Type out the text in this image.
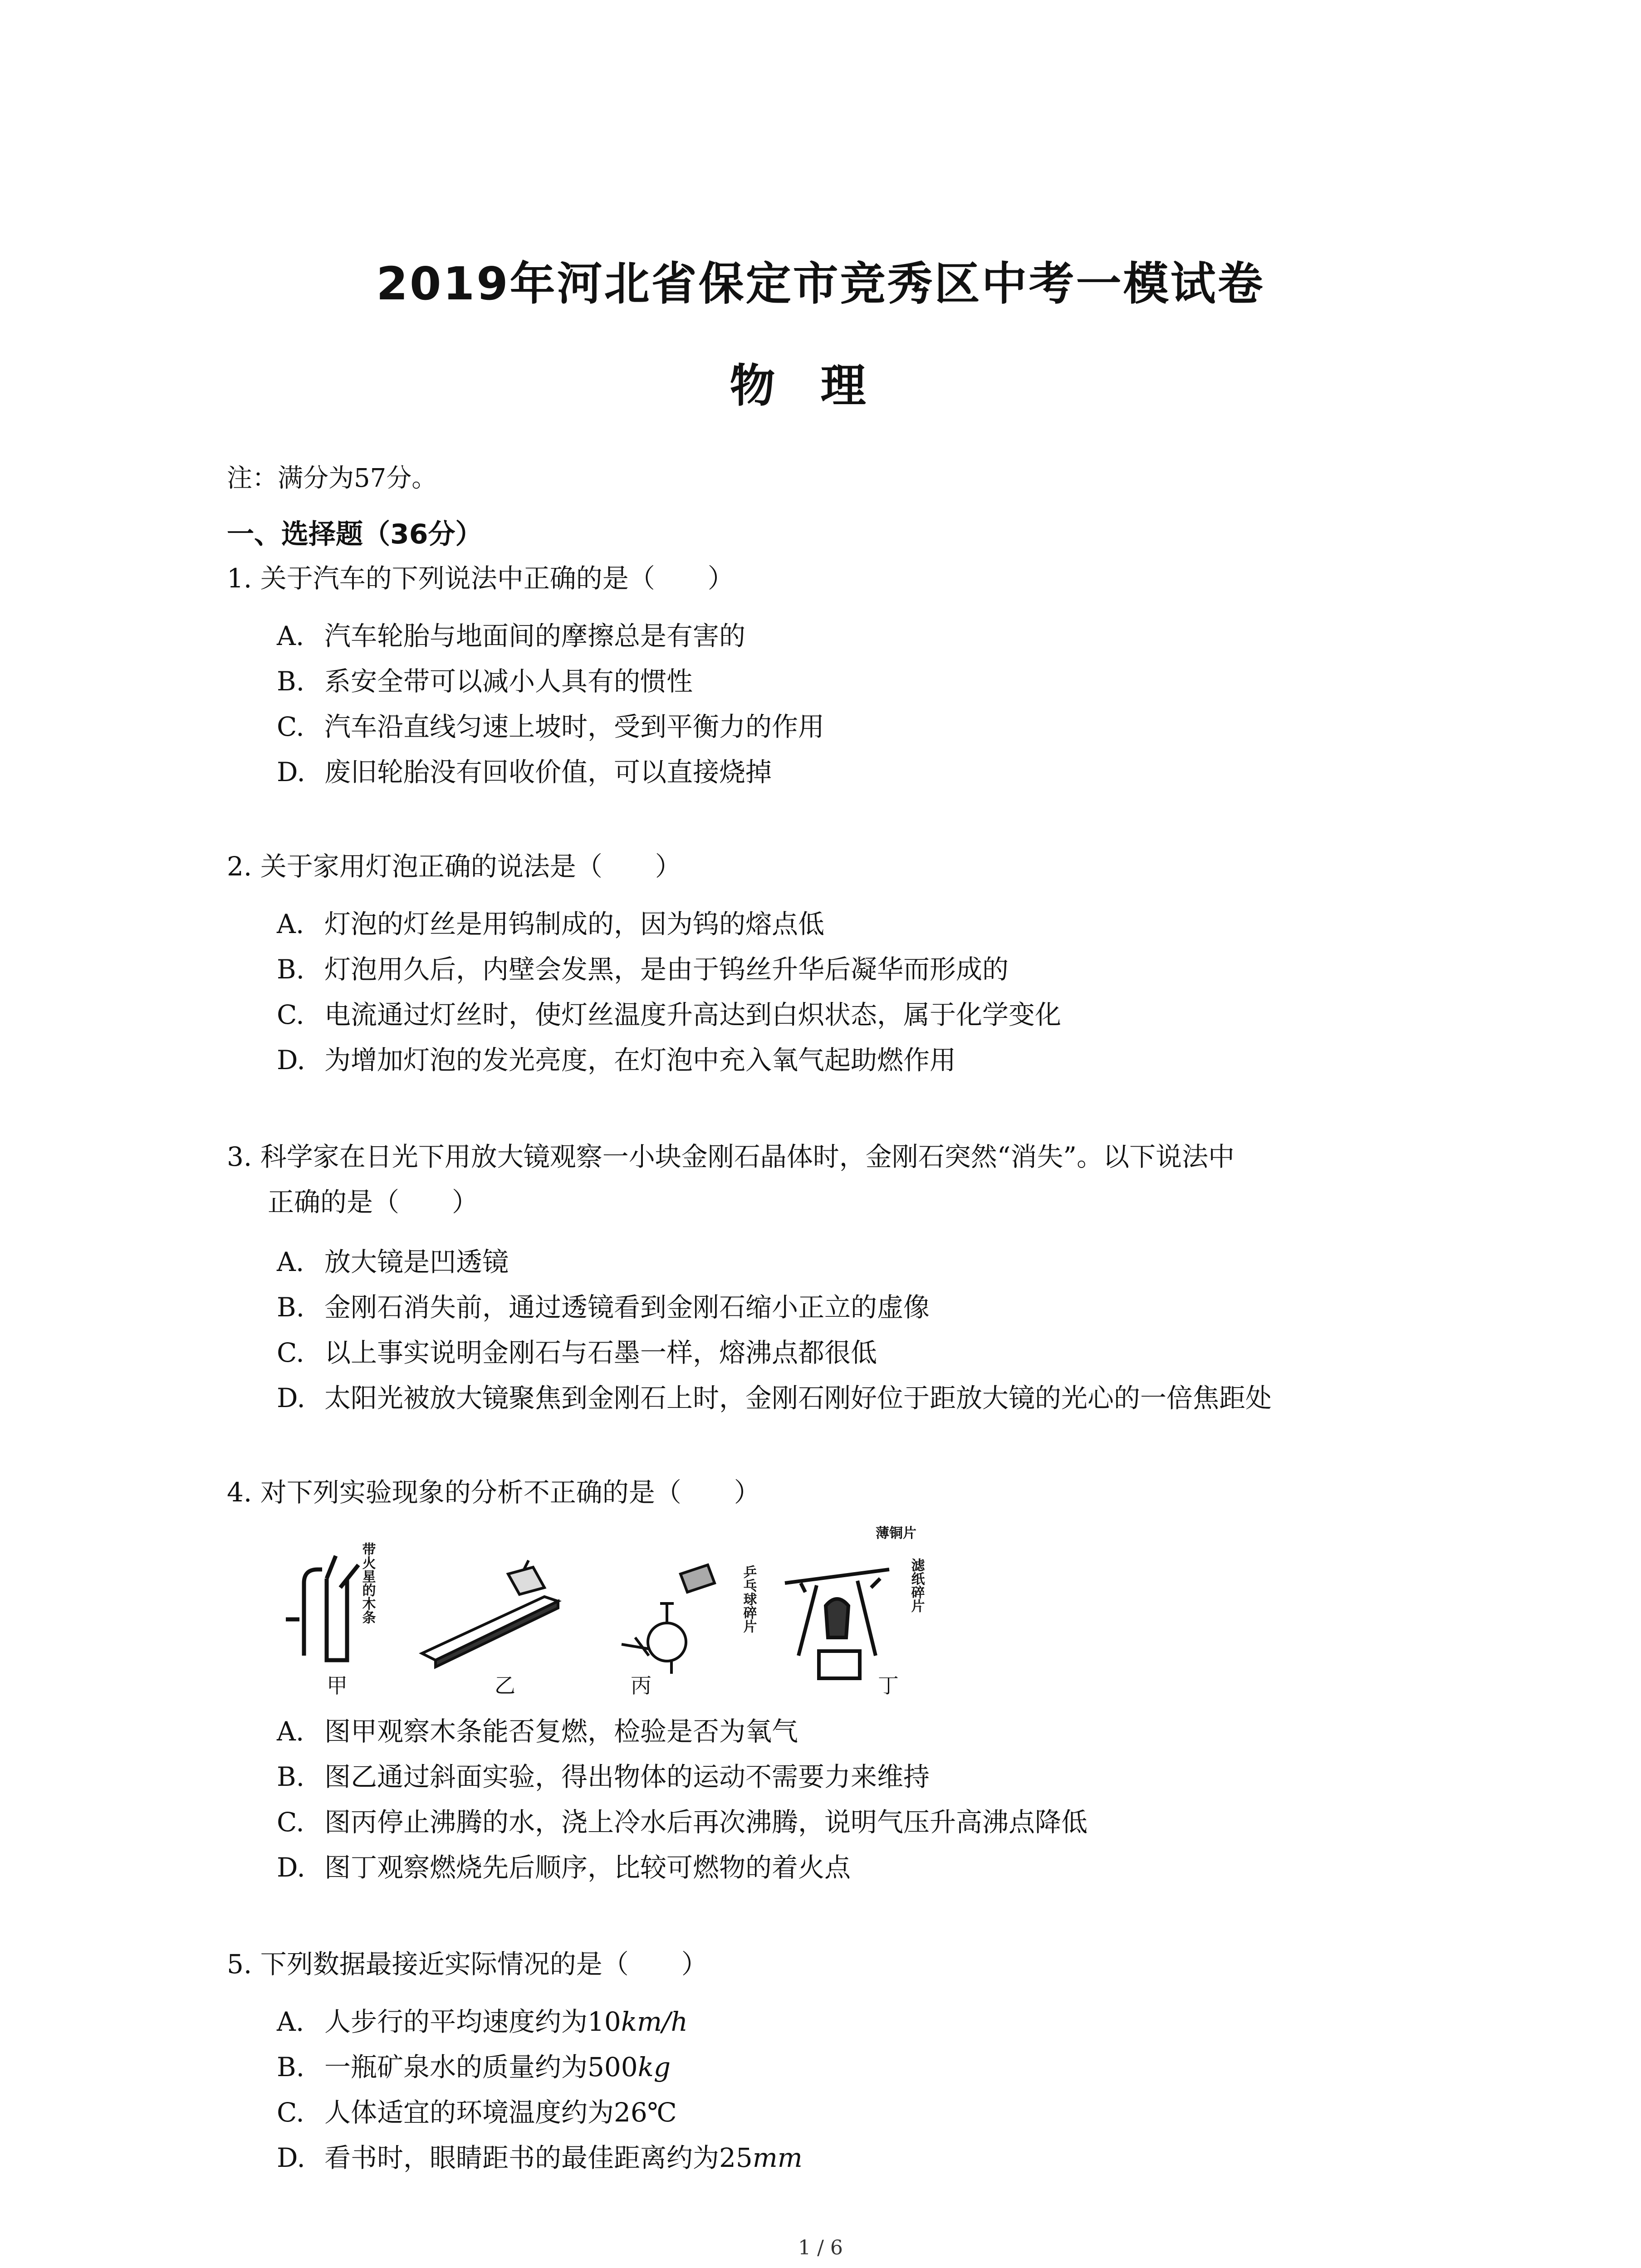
2019年河北省保定市竞秀区中考一模试卷
物理
注：满分为57分。
一、选择题（36分）
1. 关于汽车的下列说法中正确的是（　　）
A. 汽车轮胎与地面间的摩擦总是有害的
B. 系安全带可以减小人具有的惯性
C. 汽车沿直线匀速上坡时，受到平衡力的作用
D. 废旧轮胎没有回收价值，可以直接烧掉
2. 关于家用灯泡正确的说法是（　　）
A. 灯泡的灯丝是用钨制成的，因为钨的熔点低
B. 灯泡用久后，内壁会发黑，是由于钨丝升华后凝华而形成的
C. 电流通过灯丝时，使灯丝温度升高达到白炽状态，属于化学变化
D. 为增加灯泡的发光亮度，在灯泡中充入氧气起助燃作用
3. 科学家在日光下用放大镜观察一小块金刚石晶体时，金刚石突然“消失”。以下说法中
正确的是（　　）
A. 放大镜是凹透镜
B. 金刚石消失前，通过透镜看到金刚石缩小正立的虚像
C. 以上事实说明金刚石与石墨一样，熔沸点都很低
D. 太阳光被放大镜聚焦到金刚石上时，金刚石刚好位于距放大镜的光心的一倍焦距处
4. 对下列实验现象的分析不正确的是（　　）
带火星的木条	乒乓球碎片
薄铜片
滤纸碎片
甲	乙	丙	丁
A. 图甲观察木条能否复燃，检验是否为氧气
B. 图乙通过斜面实验，得出物体的运动不需要力来维持
C. 图丙停止沸腾的水，浇上冷水后再次沸腾，说明气压升高沸点降低
D. 图丁观察燃烧先后顺序，比较可燃物的着火点
5. 下列数据最接近实际情况的是（　　）
A. 人步行的平均速度约为10km/h
B. 一瓶矿泉水的质量约为500kg
C. 人体适宜的环境温度约为26℃
D. 看书时，眼睛距书的最佳距离约为25mm
1 / 6
